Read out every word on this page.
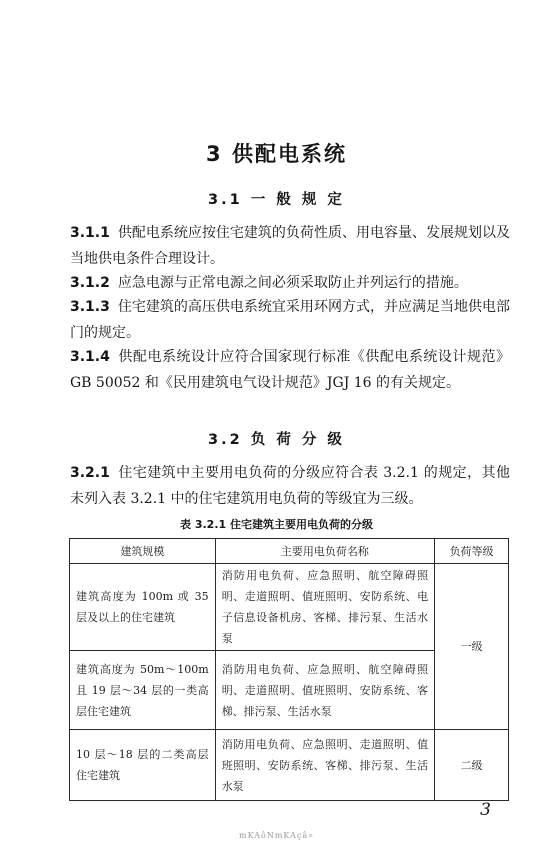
3 供配电系统
3.1 一 般 规 定
3.1.1 供配电系统应按住宅建筑的负荷性质、用电容量、发展规划以及当地供电条件合理设计。
3.1.2 应急电源与正常电源之间必须采取防止并列运行的措施。
3.1.3 住宅建筑的高压供电系统宜采用环网方式，并应满足当地供电部门的规定。
3.1.4 供配电系统设计应符合国家现行标准《供配电系统设计规范》GB 50052 和《民用建筑电气设计规范》JGJ 16 的有关规定。
3.2 负 荷 分 级
3.2.1 住宅建筑中主要用电负荷的分级应符合表 3.2.1 的规定，其他未列入表 3.2.1 中的住宅建筑用电负荷的等级宜为三级。
表 3.2.1 住宅建筑主要用电负荷的分级
建筑规模	主要用电负荷名称	负荷等级
建筑高度为 100m 或 35 层及以上的住宅建筑	消防用电负荷、应急照明、航空障碍照明、走道照明、值班照明、安防系统、电子信息设备机房、客梯、排污泵、生活水泵	一级
建筑高度为 50m～100m 且 19 层～34 层的一类高层住宅建筑	消防用电负荷、应急照明、航空障碍照明、走道照明、值班照明、安防系统、客梯、排污泵、生活水泵	
10 层～18 层的二类高层住宅建筑	消防用电负荷、应急照明、走道照明、值班照明、安防系统、客梯、排污泵、生活水泵	二级
3
mKAôNmKAçâ»
